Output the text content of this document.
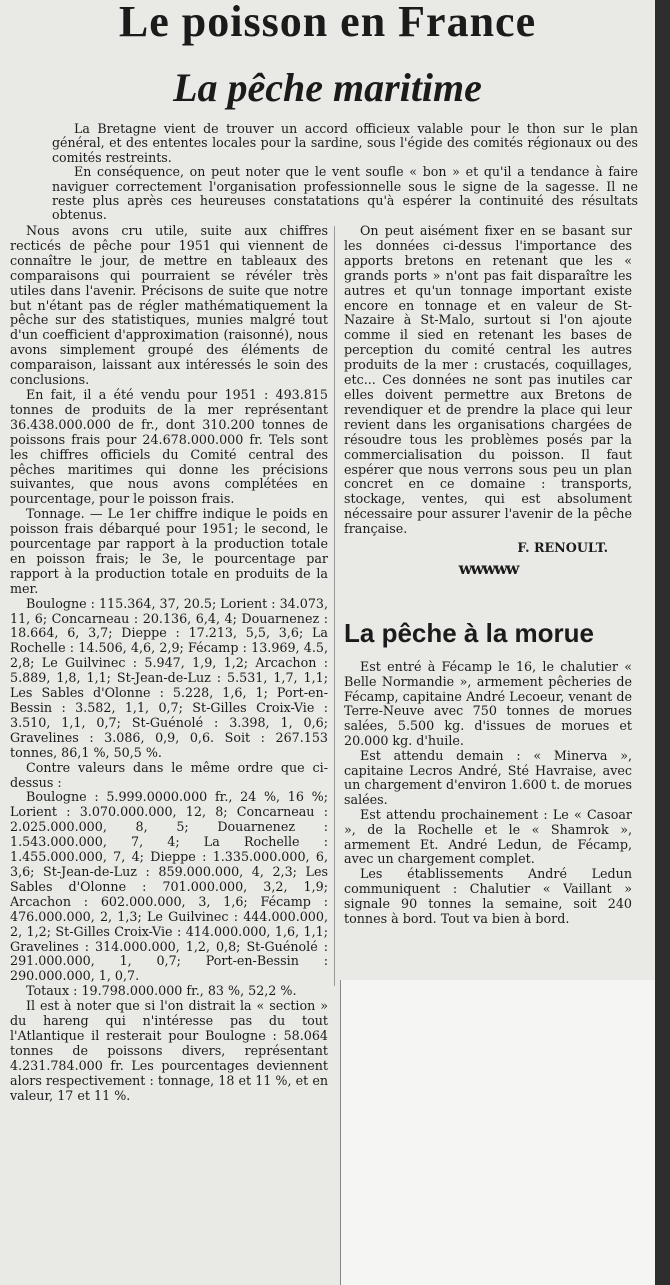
Le poisson en France
La pêche maritime

La Bretagne vient de trouver un accord officieux valable pour le thon sur le plan général, et des ententes locales pour la sardine, sous l'égide des comités régionaux ou des comités restreints.

En conséquence, on peut noter que le vent soufle « bon » et qu'il a tendance à faire naviguer correctement l'organisation professionnelle sous le signe de la sagesse. Il ne reste plus après ces heureuses constatations qu'à espérer la continuité des résultats obtenus.

Nous avons cru utile, suite aux chiffres recticés de pêche pour 1951 qui viennent de connaître le jour, de mettre en tableaux des comparaisons qui pourraient se révéler très utiles dans l'avenir. Précisons de suite que notre but n'étant pas de régler mathématiquement la pêche sur des statistiques, munies malgré tout d'un coefficient d'approximation (raisonné), nous avons simplement groupé des éléments de comparaison, laissant aux intéressés le soin des conclusions.

En fait, il a été vendu pour 1951 : 493.815 tonnes de produits de la mer représentant 36.438.000.000 de fr., dont 310.200 tonnes de poissons frais pour 24.678.000.000 fr. Tels sont les chiffres officiels du Comité central des pêches maritimes qui donne les précisions suivantes, que nous avons complétées en pourcentage, pour le poisson frais.

Tonnage. — Le 1er chiffre indique le poids en poisson frais débarqué pour 1951; le second, le pourcentage par rapport à la production totale en poisson frais; le 3e, le pourcentage par rapport à la production totale en produits de la mer.

Boulogne : 115.364, 37, 20.5; Lorient : 34.073, 11, 6; Concarneau : 20.136, 6,4, 4; Douarnenez : 18.664, 6, 3,7; Dieppe : 17.213, 5,5, 3,6; La Rochelle : 14.506, 4,6, 2,9; Fécamp : 13.969, 4.5, 2,8; Le Guilvinec : 5.947, 1,9, 1,2; Arcachon : 5.889, 1,8, 1,1; St-Jean-de-Luz : 5.531, 1,7, 1,1; Les Sables d'Olonne : 5.228, 1,6, 1; Port-en-Bessin : 3.582, 1,1, 0,7; St-Gilles Croix-Vie : 3.510, 1,1, 0,7; St-Guénolé : 3.398, 1, 0,6; Gravelines : 3.086, 0,9, 0,6. Soit : 267.153 tonnes, 86,1 %, 50,5 %.

Contre valeurs dans le même ordre que ci-dessus :

Boulogne : 5.999.0000.000 fr., 24 %, 16 %; Lorient : 3.070.000.000, 12, 8; Concarneau : 2.025.000.000, 8, 5; Douarnenez : 1.543.000.000, 7, 4; La Rochelle : 1.455.000.000, 7, 4; Dieppe : 1.335.000.000, 6, 3,6; St-Jean-de-Luz : 859.000.000, 4, 2,3; Les Sables d'Olonne : 701.000.000, 3,2, 1,9; Arcachon : 602.000.000, 3, 1,6; Fécamp : 476.000.000, 2, 1,3; Le Guilvinec : 444.000.000, 2, 1,2; St-Gilles Croix-Vie : 414.000.000, 1,6, 1,1; Gravelines : 314.000.000, 1,2, 0,8; St-Guénolé : 291.000.000, 1, 0,7; Port-en-Bessin : 290.000.000, 1, 0,7.

Totaux : 19.798.000.000 fr., 83 %, 52,2 %.

Il est à noter que si l'on distrait la « section » du hareng qui n'intéresse pas du tout l'Atlantique il resterait pour Boulogne : 58.064 tonnes de poissons divers, représentant 4.231.784.000 fr. Les pourcentages deviennent alors respectivement : tonnage, 18 et 11 %, et en valeur, 17 et 11 %.

On peut aisément fixer en se basant sur les données ci-dessus l'importance des apports bretons en retenant que les « grands ports » n'ont pas fait disparaître les autres et qu'un tonnage important existe encore en tonnage et en valeur de St-Nazaire à St-Malo, surtout si l'on ajoute comme il sied en retenant les bases de perception du comité central les autres produits de la mer : crustacés, coquillages, etc... Ces données ne sont pas inutiles car elles doivent permettre aux Bretons de revendiquer et de prendre la place qui leur revient dans les organisations chargées de résoudre tous les problèmes posés par la commercialisation du poisson. Il faut espérer que nous verrons sous peu un plan concret en ce domaine : transports, stockage, ventes, qui est absolument nécessaire pour assurer l'avenir de la pêche française.

F. RENOULT.

wwwww

La pêche à la morue

Est entré à Fécamp le 16, le chalutier « Belle Normandie », armement pêcheries de Fécamp, capitaine André Lecoeur, venant de Terre-Neuve avec 750 tonnes de morues salées, 5.500 kg. d'issues de morues et 20.000 kg. d'huile.

Est attendu demain : « Minerva », capitaine Lecros André, Sté Havraise, avec un chargement d'environ 1.600 t. de morues salées.

Est attendu prochainement : Le « Casoar », de la Rochelle et le « Shamrok », armement Et. André Ledun, de Fécamp, avec un chargement complet.

Les établissements André Ledun communiquent : Chalutier « Vaillant » signale 90 tonnes la semaine, soit 240 tonnes à bord. Tout va bien à bord.
